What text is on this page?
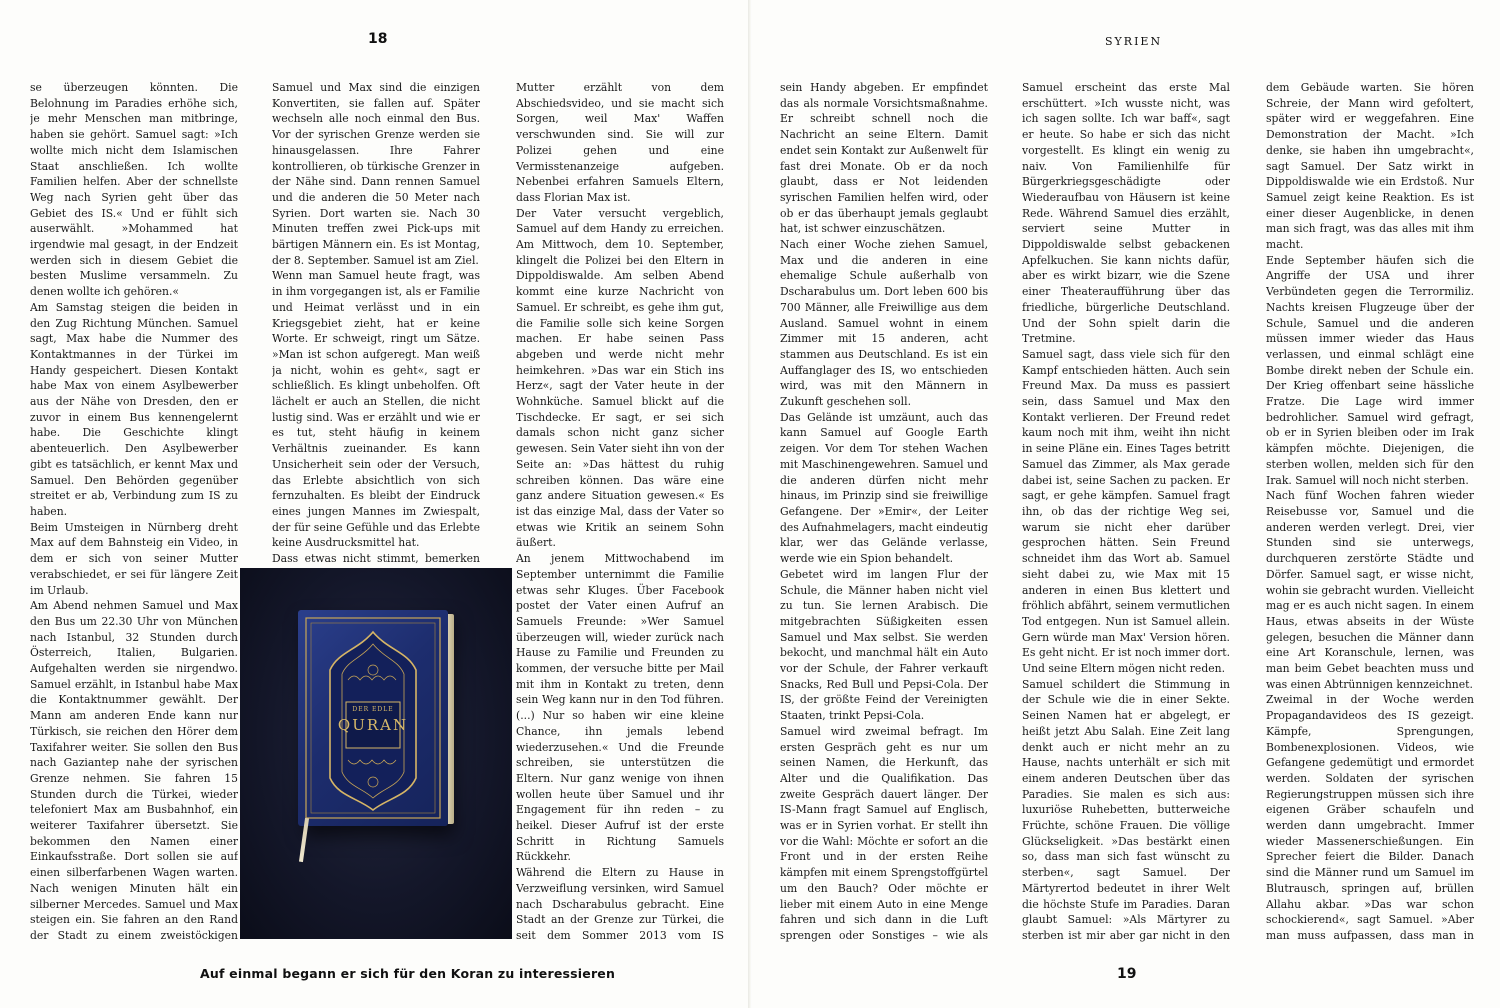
18	SYRIEN
19

se überzeugen könnten. Die Belohnung im Paradies erhöhe sich, je mehr Menschen man mitbringe, haben sie gehört. Samuel sagt: »Ich wollte mich nicht dem Islamischen Staat anschließen. Ich wollte Familien helfen. Aber der schnellste Weg nach Syrien geht über das Gebiet des IS.« Und er fühlt sich auserwählt. »Mohammed hat irgendwie mal gesagt, in der Endzeit werden sich in diesem Gebiet die besten Muslime versammeln. Zu denen wollte ich gehören.«

Am Samstag steigen die beiden in den Zug Richtung München. Samuel sagt, Max habe die Nummer des Kontaktmannes in der Türkei im Handy gespeichert. Diesen Kontakt habe Max von einem Asylbewerber aus der Nähe von Dresden, den er zuvor in einem Bus kennengelernt habe. Die Geschichte klingt abenteuerlich. Den Asylbewerber gibt es tatsächlich, er kennt Max und Samuel. Den Behörden gegenüber streitet er ab, Verbindung zum IS zu haben.

Beim Umsteigen in Nürnberg dreht Max auf dem Bahnsteig ein Video, in dem er sich von seiner Mutter verabschiedet, er sei für längere Zeit im Urlaub.

Am Abend nehmen Samuel und Max den Bus um 22.30 Uhr von München nach Istanbul, 32 Stunden durch Österreich, Italien, Bulgarien. Aufgehalten werden sie nirgendwo. Samuel erzählt, in Istanbul habe Max die Kontaktnummer gewählt. Der Mann am anderen Ende kann nur Türkisch, sie reichen den Hörer dem Taxifahrer weiter. Sie sollen den Bus nach Gaziantep nahe der syrischen Grenze nehmen. Sie fahren 15 Stunden durch die Türkei, wieder telefoniert Max am Busbahnhof, ein weiterer Taxifahrer übersetzt. Sie bekommen den Namen einer Einkaufsstraße. Dort sollen sie auf einen silberfarbenen Wagen warten. Nach wenigen Minuten hält ein silberner Mercedes. Samuel und Max steigen ein. Sie fahren an den Rand der Stadt zu einem zweistöckigen

Samuel und Max sind die einzigen Konvertiten, sie fallen auf. Später wechseln alle noch einmal den Bus. Vor der syrischen Grenze werden sie hinausgelassen. Ihre Fahrer kontrollieren, ob türkische Grenzer in der Nähe sind. Dann rennen Samuel und die anderen die 50 Meter nach Syrien. Dort warten sie. Nach 30 Minuten treffen zwei Pick-ups mit bärtigen Männern ein. Es ist Montag, der 8. September. Samuel ist am Ziel.

Wenn man Samuel heute fragt, was in ihm vorgegangen ist, als er Familie und Heimat verlässt und in ein Kriegsgebiet zieht, hat er keine Worte. Er schweigt, ringt um Sätze. »Man ist schon aufgeregt. Man weiß ja nicht, wohin es geht«, sagt er schließlich. Es klingt unbeholfen. Oft lächelt er auch an Stellen, die nicht lustig sind. Was er erzählt und wie er es tut, steht häufig in keinem Verhältnis zueinander. Es kann Unsicherheit sein oder der Versuch, das Erlebte absichtlich von sich fernzuhalten. Es bleibt der Eindruck eines jungen Mannes im Zwiespalt, der für seine Gefühle und das Erlebte keine Ausdrucksmittel hat.

Dass etwas nicht stimmt, bemerken

Mutter erzählt von dem Abschiedsvideo, und sie macht sich Sorgen, weil Max' Waffen verschwunden sind. Sie will zur Polizei gehen und eine Vermisstenanzeige aufgeben. Nebenbei erfahren Samuels Eltern, dass Florian Max ist.

Der Vater versucht vergeblich, Samuel auf dem Handy zu erreichen. Am Mittwoch, dem 10. September, klingelt die Polizei bei den Eltern in Dippoldiswalde. Am selben Abend kommt eine kurze Nachricht von Samuel. Er schreibt, es gehe ihm gut, die Familie solle sich keine Sorgen machen. Er habe seinen Pass abgeben und werde nicht mehr heimkehren. »Das war ein Stich ins Herz«, sagt der Vater heute in der Wohnküche. Samuel blickt auf die Tischdecke. Er sagt, er sei sich damals schon nicht ganz sicher gewesen. Sein Vater sieht ihn von der Seite an: »Das hättest du ruhig schreiben können. Das wäre eine ganz andere Situation gewesen.« Es ist das einzige Mal, dass der Vater so etwas wie Kritik an seinem Sohn äußert.

An jenem Mittwochabend im September unternimmt die Familie etwas sehr Kluges. Über Facebook postet der Vater einen Aufruf an Samuels Freunde: »Wer Samuel überzeugen will, wieder zurück nach Hause zu Familie und Freunden zu kommen, der versuche bitte per Mail mit ihm in Kontakt zu treten, denn sein Weg kann nur in den Tod führen. (...) Nur so haben wir eine kleine Chance, ihn jemals lebend wiederzusehen.« Und die Freunde schreiben, sie unterstützen die Eltern. Nur ganz wenige von ihnen wollen heute über Samuel und ihr Engagement für ihn reden – zu heikel. Dieser Aufruf ist der erste Schritt in Richtung Samuels Rückkehr.

Während die Eltern zu Hause in Verzweiflung versinken, wird Samuel nach Dscharabulus gebracht. Eine Stadt an der Grenze zur Türkei, die seit dem Sommer 2013 vom IS

sein Handy abgeben. Er empfindet das als normale Vorsichtsmaßnahme. Er schreibt schnell noch die Nachricht an seine Eltern. Damit endet sein Kontakt zur Außenwelt für fast drei Monate. Ob er da noch glaubt, dass er Not leidenden syrischen Familien helfen wird, oder ob er das überhaupt jemals geglaubt hat, ist schwer einzuschätzen.

Nach einer Woche ziehen Samuel, Max und die anderen in eine ehemalige Schule außerhalb von Dscharabulus um. Dort leben 600 bis 700 Männer, alle Freiwillige aus dem Ausland. Samuel wohnt in einem Zimmer mit 15 anderen, acht stammen aus Deutschland. Es ist ein Auffanglager des IS, wo entschieden wird, was mit den Männern in Zukunft geschehen soll.

Das Gelände ist umzäunt, auch das kann Samuel auf Google Earth zeigen. Vor dem Tor stehen Wachen mit Maschinengewehren. Samuel und die anderen dürfen nicht mehr hinaus, im Prinzip sind sie freiwillige Gefangene. Der »Emir«, der Leiter des Aufnahmelagers, macht eindeutig klar, wer das Gelände verlasse, werde wie ein Spion behandelt.

Gebetet wird im langen Flur der Schule, die Männer haben nicht viel zu tun. Sie lernen Arabisch. Die mitgebrachten Süßigkeiten essen Samuel und Max selbst. Sie werden bekocht, und manchmal hält ein Auto vor der Schule, der Fahrer verkauft Snacks, Red Bull und Pepsi-Cola. Der IS, der größte Feind der Vereinigten Staaten, trinkt Pepsi-Cola.

Samuel wird zweimal befragt. Im ersten Gespräch geht es nur um seinen Namen, die Herkunft, das Alter und die Qualifikation. Das zweite Gespräch dauert länger. Der IS-Mann fragt Samuel auf Englisch, was er in Syrien vorhat. Er stellt ihn vor die Wahl: Möchte er sofort an die Front und in der ersten Reihe kämpfen mit einem Sprengstoffgürtel um den Bauch? Oder möchte er lieber mit einem Auto in eine Menge fahren und sich dann in die Luft sprengen oder Sonstiges – wie als

Samuel erscheint das erste Mal erschüttert. »Ich wusste nicht, was ich sagen sollte. Ich war baff«, sagt er heute. So habe er sich das nicht vorgestellt. Es klingt ein wenig zu naiv. Von Familienhilfe für Bürgerkriegsgeschädigte oder Wiederaufbau von Häusern ist keine Rede. Während Samuel dies erzählt, serviert seine Mutter in Dippoldiswalde selbst gebackenen Apfelkuchen. Sie kann nichts dafür, aber es wirkt bizarr, wie die Szene einer Theateraufführung über das friedliche, bürgerliche Deutschland. Und der Sohn spielt darin die Tretmine.

Samuel sagt, dass viele sich für den Kampf entschieden hätten. Auch sein Freund Max. Da muss es passiert sein, dass Samuel und Max den Kontakt verlieren. Der Freund redet kaum noch mit ihm, weiht ihn nicht in seine Pläne ein. Eines Tages betritt Samuel das Zimmer, als Max gerade dabei ist, seine Sachen zu packen. Er sagt, er gehe kämpfen. Samuel fragt ihn, ob das der richtige Weg sei, warum sie nicht eher darüber gesprochen hätten. Sein Freund schneidet ihm das Wort ab. Samuel sieht dabei zu, wie Max mit 15 anderen in einen Bus klettert und fröhlich abfährt, seinem vermutlichen Tod entgegen. Nun ist Samuel allein. Gern würde man Max' Version hören. Es geht nicht. Er ist noch immer dort. Und seine Eltern mögen nicht reden.

Samuel schildert die Stimmung in der Schule wie die in einer Sekte. Seinen Namen hat er abgelegt, er heißt jetzt Abu Salah. Eine Zeit lang denkt auch er nicht mehr an zu Hause, nachts unterhält er sich mit einem anderen Deutschen über das Paradies. Sie malen es sich aus: luxuriöse Ruhebetten, butterweiche Früchte, schöne Frauen. Die völlige Glückseligkeit. »Das bestärkt einen so, dass man sich fast wünscht zu sterben«, sagt Samuel. Der Märtyrertod bedeutet in ihrer Welt die höchste Stufe im Paradies. Daran glaubt Samuel: »Als Märtyrer zu sterben ist mir aber gar nicht in den

dem Gebäude warten. Sie hören Schreie, der Mann wird gefoltert, später wird er weggefahren. Eine Demonstration der Macht. »Ich denke, sie haben ihn umgebracht«, sagt Samuel. Der Satz wirkt in Dippoldiswalde wie ein Erdstoß. Nur Samuel zeigt keine Reaktion. Es ist einer dieser Augenblicke, in denen man sich fragt, was das alles mit ihm macht.

Ende September häufen sich die Angriffe der USA und ihrer Verbündeten gegen die Terrormiliz. Nachts kreisen Flugzeuge über der Schule, Samuel und die anderen müssen immer wieder das Haus verlassen, und einmal schlägt eine Bombe direkt neben der Schule ein. Der Krieg offenbart seine hässliche Fratze. Die Lage wird immer bedrohlicher. Samuel wird gefragt, ob er in Syrien bleiben oder im Irak kämpfen möchte. Diejenigen, die sterben wollen, melden sich für den Irak. Samuel will noch nicht sterben.

Nach fünf Wochen fahren wieder Reisebusse vor, Samuel und die anderen werden verlegt. Drei, vier Stunden sind sie unterwegs, durchqueren zerstörte Städte und Dörfer. Samuel sagt, er wisse nicht, wohin sie gebracht wurden. Vielleicht mag er es auch nicht sagen. In einem Haus, etwas abseits in der Wüste gelegen, besuchen die Männer dann eine Art Koranschule, lernen, was man beim Gebet beachten muss und was einen Abtrünnigen kennzeichnet.

Zweimal in der Woche werden Propagandavideos des IS gezeigt. Kämpfe, Sprengungen, Bombenexplosionen. Videos, wie Gefangene gedemütigt und ermordet werden. Soldaten der syrischen Regierungstruppen müssen sich ihre eigenen Gräber schaufeln und werden dann umgebracht. Immer wieder Massenerschießungen. Ein Sprecher feiert die Bilder. Danach sind die Männer rund um Samuel im Blutrausch, springen auf, brüllen Allahu akbar. »Das war schon schockierend«, sagt Samuel. »Aber man muss aufpassen, dass man in

DER EDLE
QURAN
Auf einmal begann er sich für den Koran zu interessieren
